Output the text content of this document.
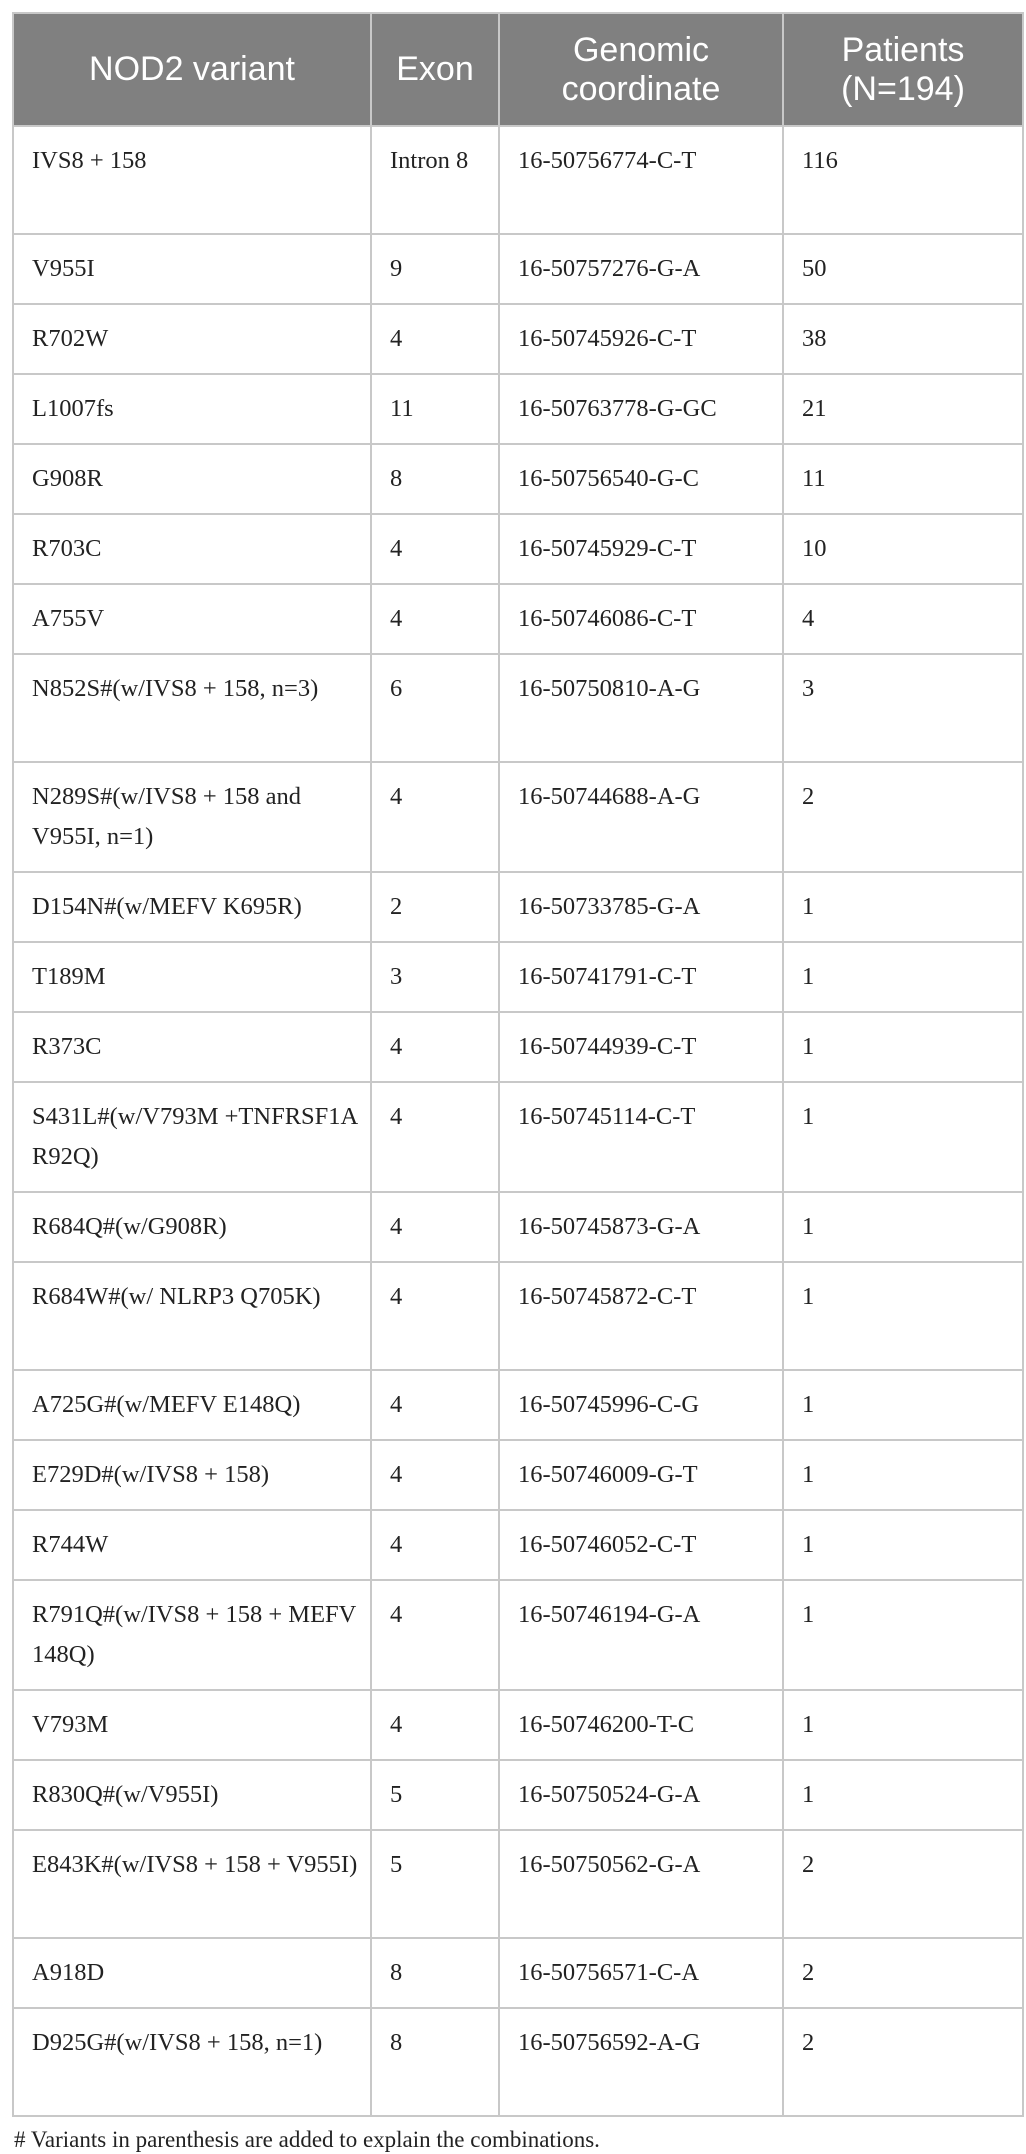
NOD2 variant	Exon	Genomic coordinate	Patients (N=194)
IVS8 + 158	Intron 8	16-50756774-C-T	116
V955I	9	16-50757276-G-A	50
R702W	4	16-50745926-C-T	38
L1007fs	11	16-50763778-G-GC	21
G908R	8	16-50756540-G-C	11
R703C	4	16-50745929-C-T	10
A755V	4	16-50746086-C-T	4
N852S#(w/IVS8 + 158, n=3)	6	16-50750810-A-G	3
N289S#(w/IVS8 + 158 and V955I, n=1)	4	16-50744688-A-G	2
D154N#(w/MEFV K695R)	2	16-50733785-G-A	1
T189M	3	16-50741791-C-T	1
R373C	4	16-50744939-C-T	1
S431L#(w/V793M +TNFRSF1A R92Q)	4	16-50745114-C-T	1
R684Q#(w/G908R)	4	16-50745873-G-A	1
R684W#(w/ NLRP3 Q705K)	4	16-50745872-C-T	1
A725G#(w/MEFV E148Q)	4	16-50745996-C-G	1
E729D#(w/IVS8 + 158)	4	16-50746009-G-T	1
R744W	4	16-50746052-C-T	1
R791Q#(w/IVS8 + 158 + MEFV 148Q)	4	16-50746194-G-A	1
V793M	4	16-50746200-T-C	1
R830Q#(w/V955I)	5	16-50750524-G-A	1
E843K#(w/IVS8 + 158 + V955I)	5	16-50750562-G-A	2
A918D	8	16-50756571-C-A	2
D925G#(w/IVS8 + 158, n=1)	8	16-50756592-A-G	2
# Variants in parenthesis are added to explain the combinations.
